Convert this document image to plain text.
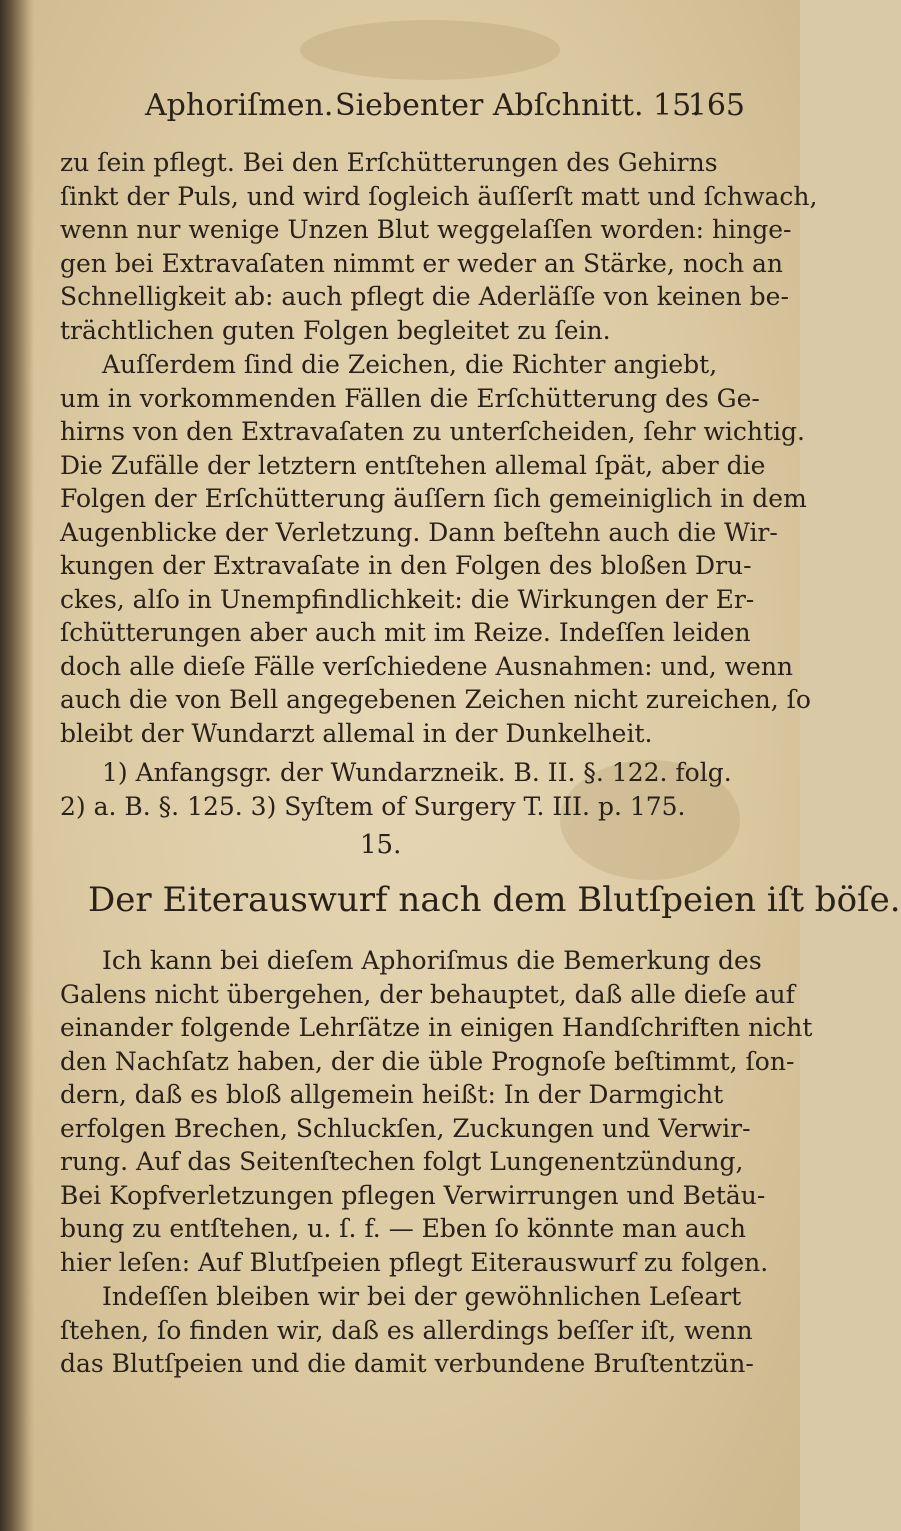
Aphoriſmen. Siebenter Abſchnitt. 15.
165
zu ſein pflegt. Bei den Erſchütterungen des Gehirns
ſinkt der Puls, und wird ſogleich äuſſerſt matt und ſchwach,
wenn nur wenige Unzen Blut weggelaſſen worden: hinge-
gen bei Extravaſaten nimmt er weder an Stärke, noch an
Schnelligkeit ab: auch pflegt die Aderläſſe von keinen be-
trächtlichen guten Folgen begleitet zu ſein.
Auſſerdem ſind die Zeichen, die Richter angiebt,
um in vorkommenden Fällen die Erſchütterung des Ge-
hirns von den Extravaſaten zu unterſcheiden, ſehr wichtig.
Die Zufälle der letztern entſtehen allemal ſpät, aber die
Folgen der Erſchütterung äuſſern ſich gemeiniglich in dem
Augenblicke der Verletzung. Dann beſtehn auch die Wir-
kungen der Extravaſate in den Folgen des bloßen Dru-
ckes, alſo in Unempfindlichkeit: die Wirkungen der Er-
ſchütterungen aber auch mit im Reize. Indeſſen leiden
doch alle dieſe Fälle verſchiedene Ausnahmen: und, wenn
auch die von Bell angegebenen Zeichen nicht zureichen, ſo
bleibt der Wundarzt allemal in der Dunkelheit.
1) Anfangsgr. der Wundarzneik. B. II. §. 122. folg.
2) a. B. §. 125. 3) Syſtem of Surgery T. III. p. 175.
15.
Der Eiterauswurf nach dem Blutſpeien iſt böſe.
Ich kann bei dieſem Aphoriſmus die Bemerkung des
Galens nicht übergehen, der behauptet, daß alle dieſe auf
einander folgende Lehrſätze in einigen Handſchriften nicht
den Nachſatz haben, der die üble Prognoſe beſtimmt, ſon-
dern, daß es bloß allgemein heißt: In der Darmgicht
erfolgen Brechen, Schluckſen, Zuckungen und Verwir-
rung. Auf das Seitenſtechen folgt Lungenentzündung,
Bei Kopfverletzungen pflegen Verwirrungen und Betäu-
bung zu entſtehen, u. ſ. f. — Eben ſo könnte man auch
hier leſen: Auf Blutſpeien pflegt Eiterauswurf zu folgen.
Indeſſen bleiben wir bei der gewöhnlichen Leſeart
ſtehen, ſo finden wir, daß es allerdings beſſer iſt, wenn
das Blutſpeien und die damit verbundene Bruſtentzün-
